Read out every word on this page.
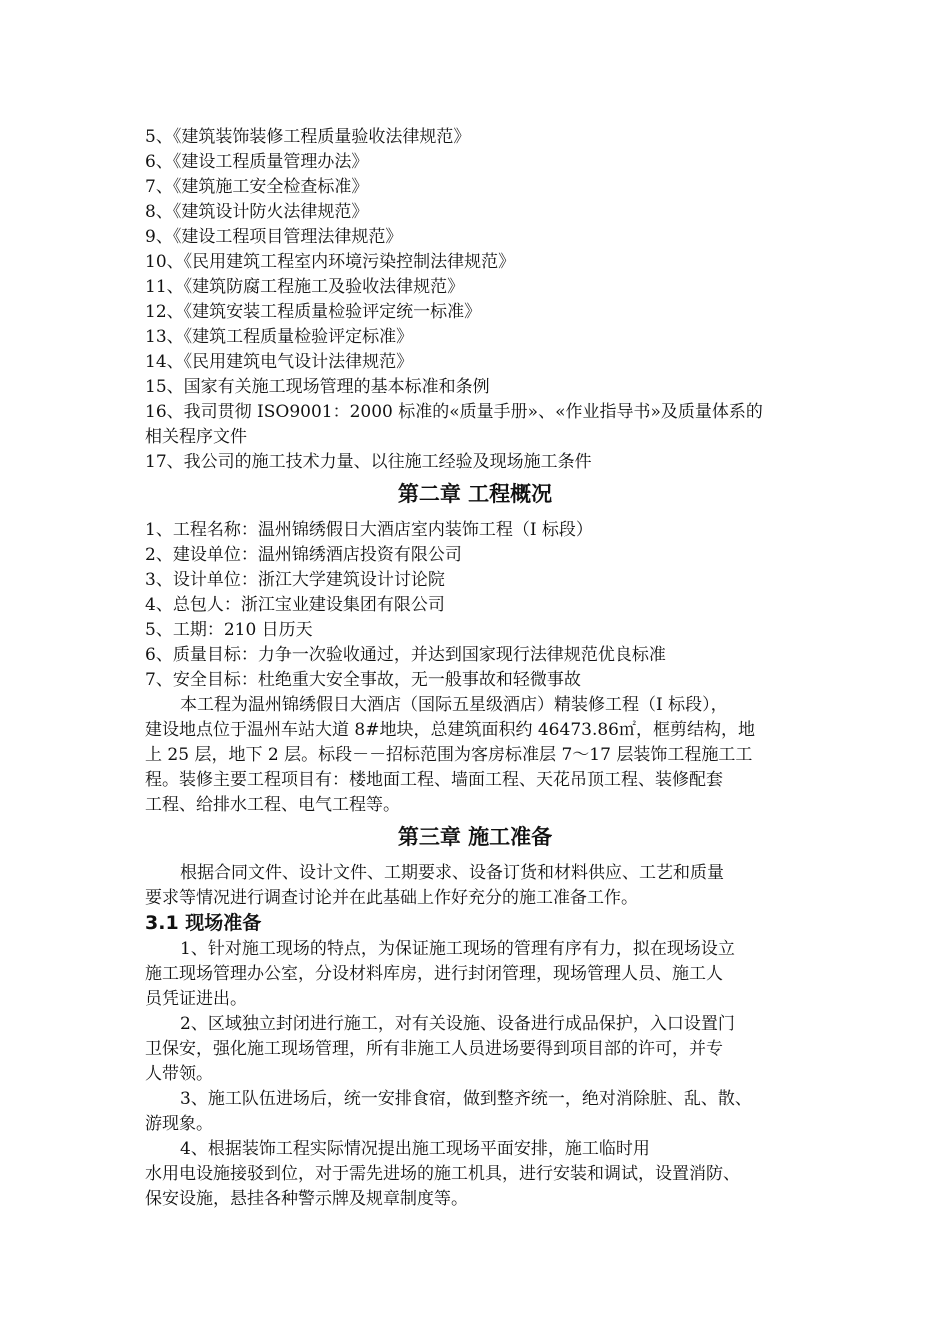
5、《建筑装饰装修工程质量验收法律规范》
6、《建设工程质量管理办法》
7、《建筑施工安全检查标准》
8、《建筑设计防火法律规范》
9、《建设工程项目管理法律规范》
10、《民用建筑工程室内环境污染控制法律规范》
11、《建筑防腐工程施工及验收法律规范》
12、《建筑安装工程质量检验评定统一标准》
13、《建筑工程质量检验评定标准》
14、《民用建筑电气设计法律规范》
15、国家有关施工现场管理的基本标准和条例
16、我司贯彻 ISO9001：2000 标准的«质量手册»、«作业指导书»及质量体系的
相关程序文件
17、我公司的施工技术力量、以往施工经验及现场施工条件
第二章 工程概况
1、工程名称：温州锦绣假日大酒店室内装饰工程（I 标段）
2、建设单位：温州锦绣酒店投资有限公司
3、设计单位：浙江大学建筑设计讨论院
4、总包人：浙江宝业建设集团有限公司
5、工期：210 日历天
6、质量目标：力争一次验收通过，并达到国家现行法律规范优良标准
7、安全目标：杜绝重大安全事故，无一般事故和轻微事故
本工程为温州锦绣假日大酒店（国际五星级酒店）精装修工程（I 标段），
建设地点位于温州车站大道 8#地块，总建筑面积约 46473.86㎡，框剪结构，地
上 25 层，地下 2 层。标段－－招标范围为客房标准层 7～17 层装饰工程施工工
程。装修主要工程项目有：楼地面工程、墙面工程、天花吊顶工程、装修配套
工程、给排水工程、电气工程等。
第三章 施工准备
根据合同文件、设计文件、工期要求、设备订货和材料供应、工艺和质量
要求等情况进行调查讨论并在此基础上作好充分的施工准备工作。
3.1 现场准备
1、针对施工现场的特点，为保证施工现场的管理有序有力，拟在现场设立
施工现场管理办公室，分设材料库房，进行封闭管理，现场管理人员、施工人
员凭证进出。
2、区域独立封闭进行施工，对有关设施、设备进行成品保护，入口设置门
卫保安，强化施工现场管理，所有非施工人员进场要得到项目部的许可，并专
人带领。
3、施工队伍进场后，统一安排食宿，做到整齐统一，绝对消除脏、乱、散、
游现象。
4、根据装饰工程实际情况提出施工现场平面安排，施工临时用
水用电设施接驳到位，对于需先进场的施工机具，进行安装和调试，设置消防、
保安设施，悬挂各种警示牌及规章制度等。
